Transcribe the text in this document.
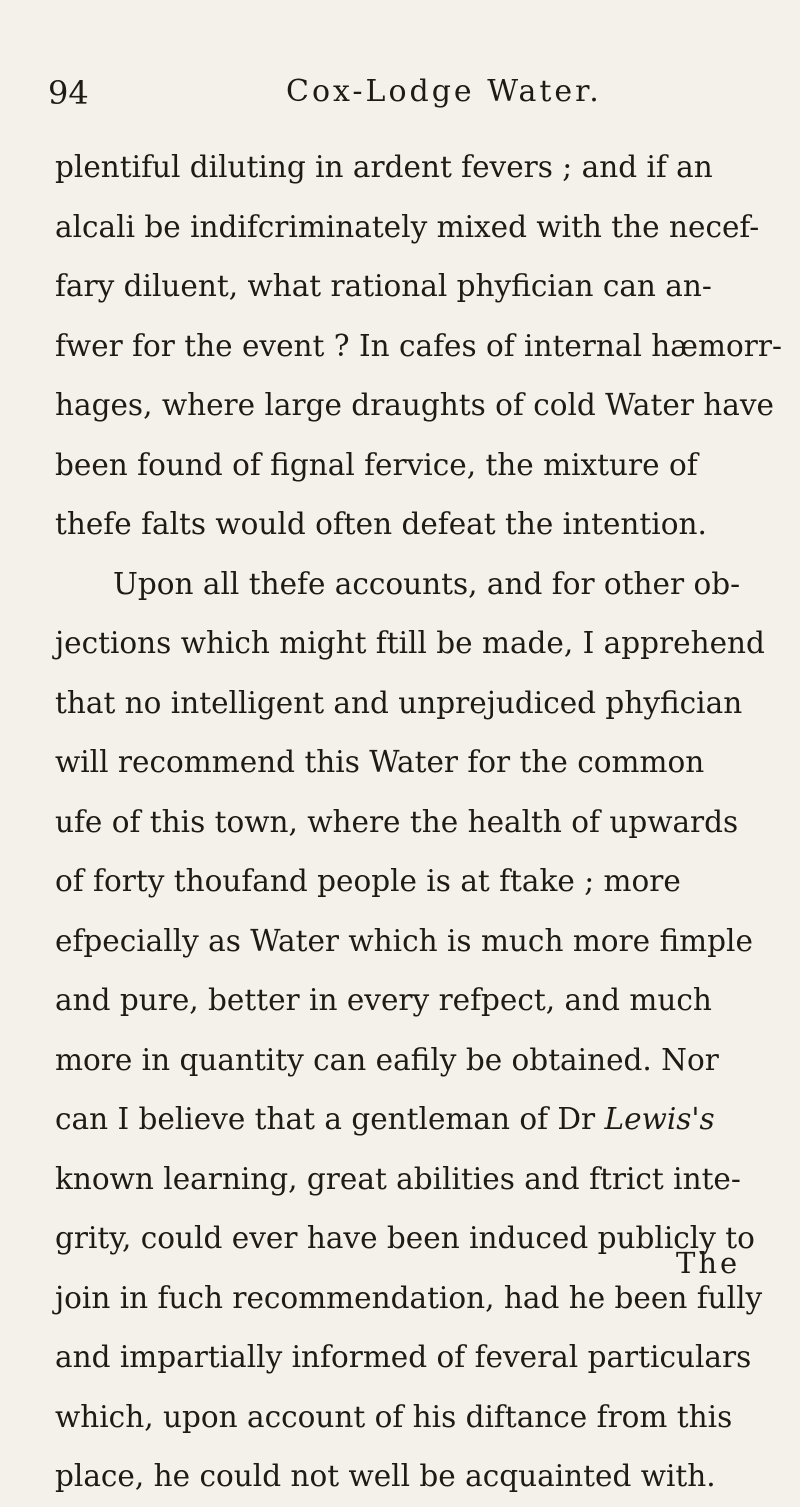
94	Cox-Lodge Water.
plentiful diluting in ardent fevers ; and if an
alcali be indifcriminately mixed with the necef-
fary diluent, what rational phyfician can an-
fwer for the event ? In cafes of internal hæmorr-
hages, where large draughts of cold Water have
been found of fignal fervice, the mixture of
thefe falts would often defeat the intention.
Upon all thefe accounts, and for other ob-
jections which might ftill be made, I apprehend
that no intelligent and unprejudiced phyfician
will recommend this Water for the common
ufe of this town, where the health of upwards
of forty thoufand people is at ftake ; more
efpecially as Water which is much more fimple
and pure, better in every refpect, and much
more in quantity can eafily be obtained. Nor
can I believe that a gentleman of Dr Lewis's
known learning, great abilities and ftrict inte-
grity, could ever have been induced publicly to
join in fuch recommendation, had he been fully
and impartially informed of feveral particulars
which, upon account of his diftance from this
place, he could not well be acquainted with.
The
